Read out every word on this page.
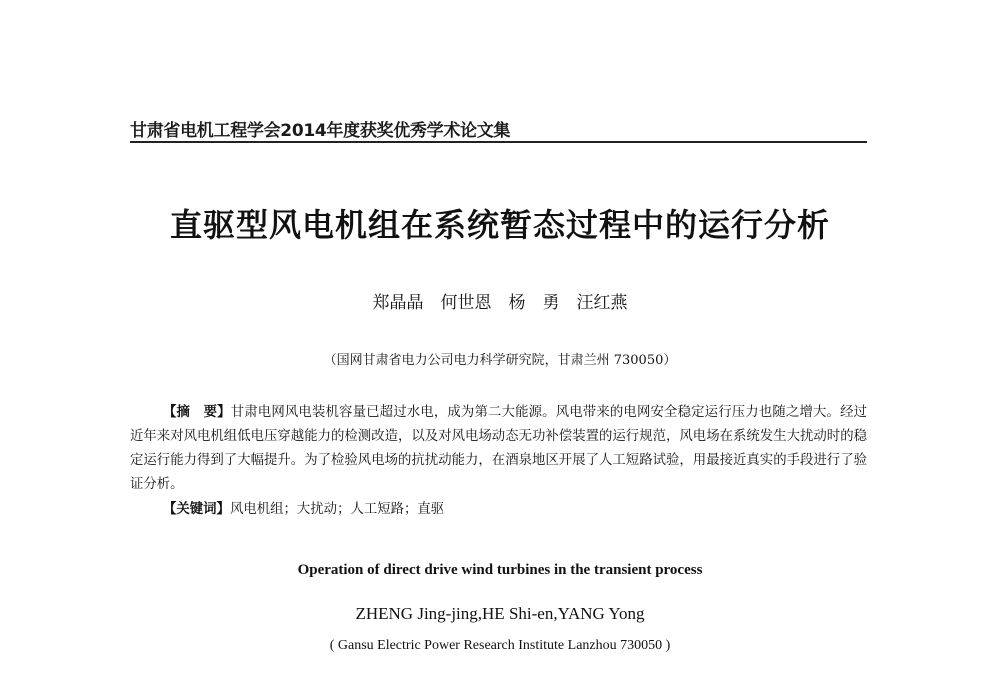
甘肃省电机工程学会2014年度获奖优秀学术论文集
直驱型风电机组在系统暂态过程中的运行分析
郑晶晶　何世恩　杨　勇　汪红燕
（国网甘肃省电力公司电力科学研究院，甘肃兰州 730050）
【摘　要】甘肃电网风电装机容量已超过水电，成为第二大能源。风电带来的电网安全稳定运行压力也随之增大。经过近年来对风电机组低电压穿越能力的检测改造，以及对风电场动态无功补偿装置的运行规范，风电场在系统发生大扰动时的稳定运行能力得到了大幅提升。为了检验风电场的抗扰动能力，在酒泉地区开展了人工短路试验，用最接近真实的手段进行了验证分析。
【关键词】风电机组；大扰动；人工短路；直驱
Operation of direct drive wind turbines in the transient process
ZHENG Jing-jing,HE Shi-en,YANG Yong
( Gansu Electric Power Research Institute Lanzhou 730050 )
